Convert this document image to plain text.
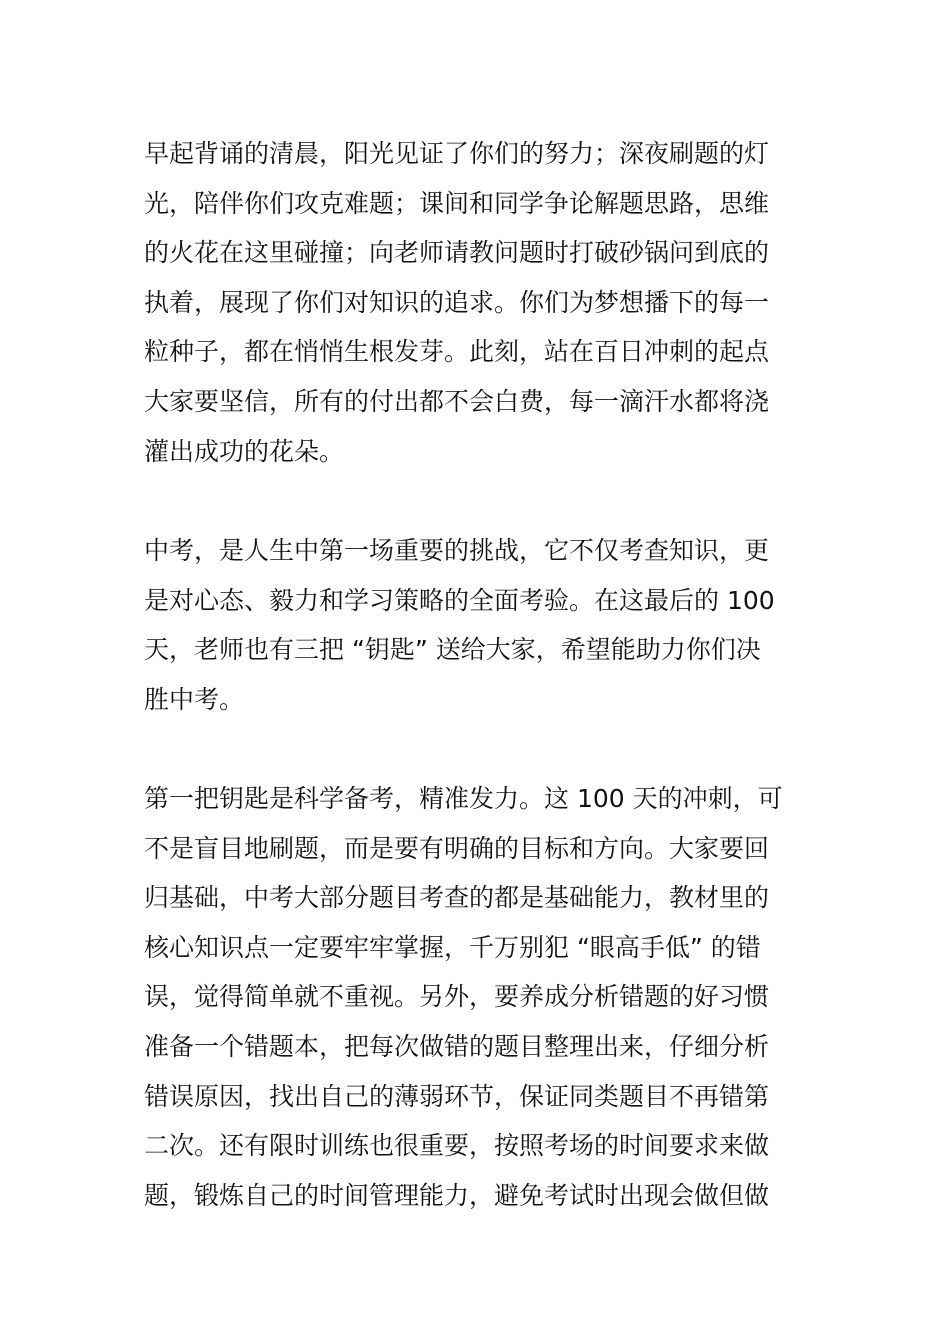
早起背诵的清晨，阳光见证了你们的努力；深夜刷题的灯
光，陪伴你们攻克难题；课间和同学争论解题思路，思维
的火花在这里碰撞；向老师请教问题时打破砂锅问到底的
执着，展现了你们对知识的追求。你们为梦想播下的每一
粒种子，都在悄悄生根发芽。此刻，站在百日冲刺的起点
大家要坚信，所有的付出都不会白费，每一滴汗水都将浇
灌出成功的花朵。
中考，是人生中第一场重要的挑战，它不仅考查知识，更
是对心态、毅力和学习策略的全面考验。在这最后的 100
天，老师也有三把 “钥匙” 送给大家，希望能助力你们决
胜中考。
第一把钥匙是科学备考，精准发力。这 100 天的冲刺，可
不是盲目地刷题，而是要有明确的目标和方向。大家要回
归基础，中考大部分题目考查的都是基础能力，教材里的
核心知识点一定要牢牢掌握，千万别犯 “眼高手低” 的错
误，觉得简单就不重视。另外，要养成分析错题的好习惯
准备一个错题本，把每次做错的题目整理出来，仔细分析
错误原因，找出自己的薄弱环节，保证同类题目不再错第
二次。还有限时训练也很重要，按照考场的时间要求来做
题，锻炼自己的时间管理能力，避免考试时出现会做但做
